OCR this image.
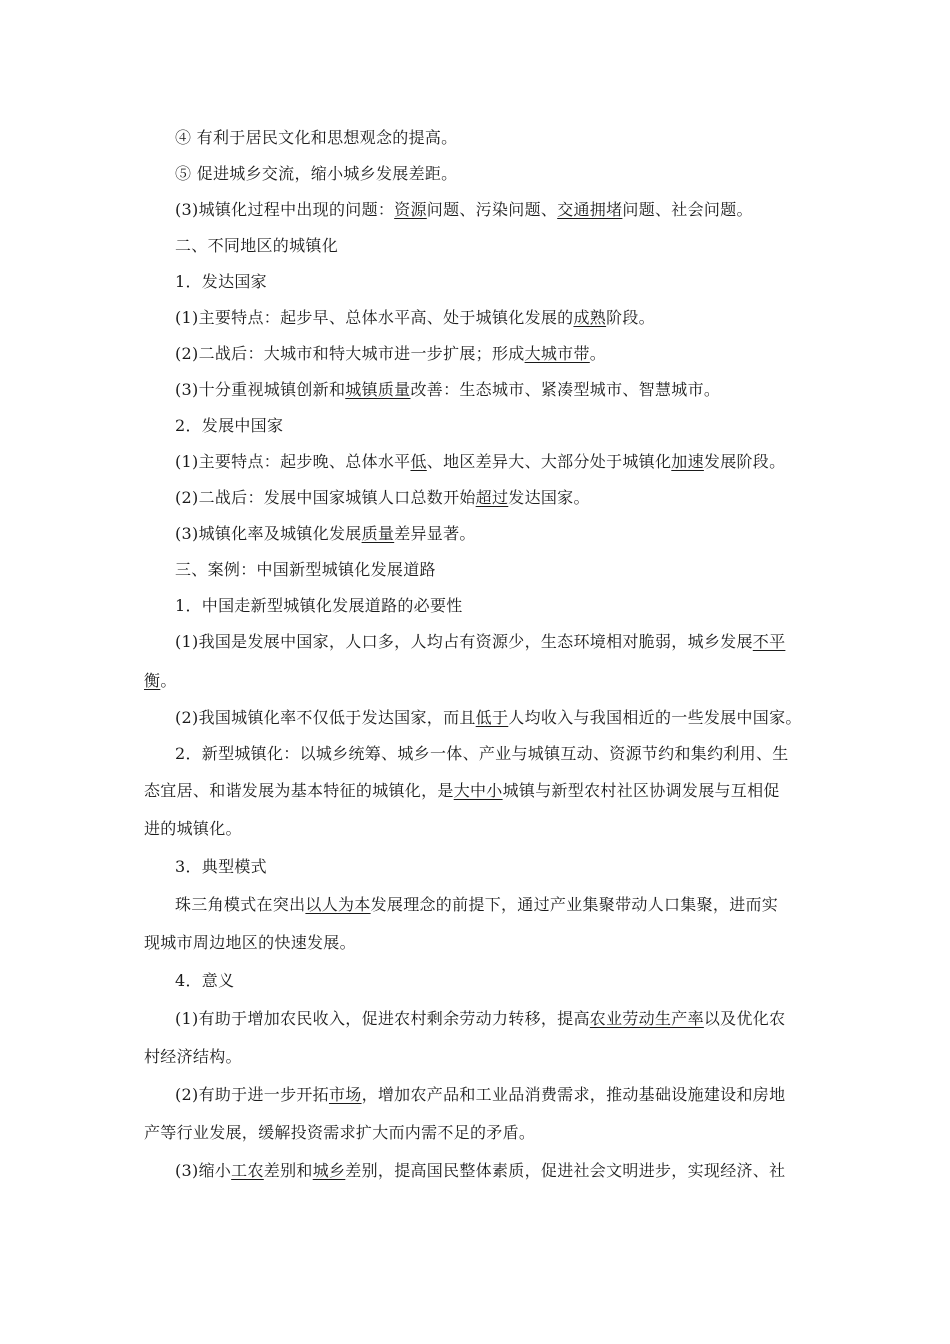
④ 有利于居民文化和思想观念的提高。
⑤ 促进城乡交流，缩小城乡发展差距。
(3)城镇化过程中出现的问题：资源问题、污染问题、交通拥堵问题、社会问题。
二、不同地区的城镇化
1．发达国家
(1)主要特点：起步早、总体水平高、处于城镇化发展的成熟阶段。
(2)二战后：大城市和特大城市进一步扩展；形成大城市带。
(3)十分重视城镇创新和城镇质量改善：生态城市、紧凑型城市、智慧城市。
2．发展中国家
(1)主要特点：起步晚、总体水平低、地区差异大、大部分处于城镇化加速发展阶段。
(2)二战后：发展中国家城镇人口总数开始超过发达国家。
(3)城镇化率及城镇化发展质量差异显著。
三、案例：中国新型城镇化发展道路
1．中国走新型城镇化发展道路的必要性
(1)我国是发展中国家，人口多，人均占有资源少，生态环境相对脆弱，城乡发展不平
衡。
(2)我国城镇化率不仅低于发达国家，而且低于人均收入与我国相近的一些发展中国家。
2．新型城镇化：以城乡统筹、城乡一体、产业与城镇互动、资源节约和集约利用、生
态宜居、和谐发展为基本特征的城镇化，是大中小城镇与新型农村社区协调发展与互相促
进的城镇化。
3．典型模式
珠三角模式在突出以人为本发展理念的前提下，通过产业集聚带动人口集聚，进而实
现城市周边地区的快速发展。
4．意义
(1)有助于增加农民收入，促进农村剩余劳动力转移，提高农业劳动生产率以及优化农
村经济结构。
(2)有助于进一步开拓市场，增加农产品和工业品消费需求，推动基础设施建设和房地
产等行业发展，缓解投资需求扩大而内需不足的矛盾。
(3)缩小工农差别和城乡差别，提高国民整体素质，促进社会文明进步，实现经济、社
